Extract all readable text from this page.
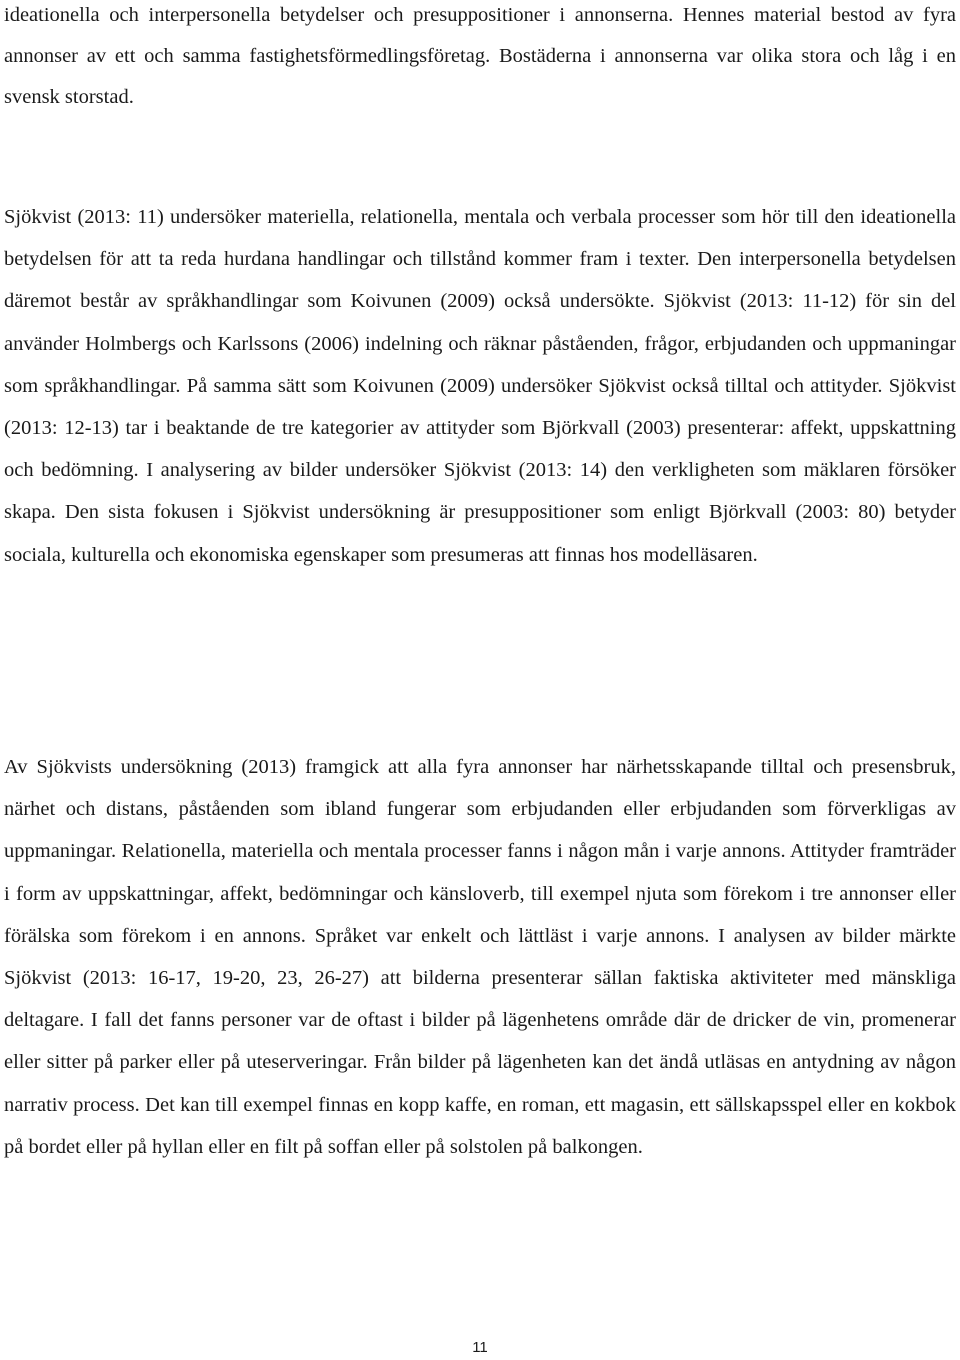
ideationella och interpersonella betydelser och presuppositioner i annonserna. Hennes material bestod av fyra annonser av ett och samma fastighetsförmedlingsföretag. Bostäderna i annonserna var olika stora och låg i en svensk storstad.

Sjökvist (2013: 11) undersöker materiella, relationella, mentala och verbala processer som hör till den ideationella betydelsen för att ta reda hurdana handlingar och tillstånd kommer fram i texter. Den interpersonella betydelsen däremot består av språkhandlingar som Koivunen (2009) också undersökte. Sjökvist (2013: 11-12) för sin del använder Holmbergs och Karlssons (2006) indelning och räknar påståenden, frågor, erbjudanden och uppmaningar som språkhandlingar. På samma sätt som Koivunen (2009) undersöker Sjökvist också tilltal och attityder. Sjökvist (2013: 12-13) tar i beaktande de tre kategorier av attityder som Björkvall (2003) presenterar: affekt, uppskattning och bedömning. I analysering av bilder undersöker Sjökvist (2013: 14) den verkligheten som mäklaren försöker skapa. Den sista fokusen i Sjökvist undersökning är presuppositioner som enligt Björkvall (2003: 80) betyder sociala, kulturella och ekonomiska egenskaper som presumeras att finnas hos modelläsaren.

Av Sjökvists undersökning (2013) framgick att alla fyra annonser har närhetsskapande tilltal och presensbruk, närhet och distans, påståenden som ibland fungerar som erbjudanden eller erbjudanden som förverkligas av uppmaningar. Relationella, materiella och mentala processer fanns i någon mån i varje annons. Attityder framträder i form av uppskattningar, affekt, bedömningar och känsloverb, till exempel njuta som förekom i tre annonser eller förälska som förekom i en annons. Språket var enkelt och lättläst i varje annons. I analysen av bilder märkte Sjökvist (2013: 16-17, 19-20, 23, 26-27) att bilderna presenterar sällan faktiska aktiviteter med mänskliga deltagare. I fall det fanns personer var de oftast i bilder på lägenhetens område där de dricker de vin, promenerar eller sitter på parker eller på uteserveringar. Från bilder på lägenheten kan det ändå utläsas en antydning av någon narrativ process. Det kan till exempel finnas en kopp kaffe, en roman, ett magasin, ett sällskapsspel eller en kokbok på bordet eller på hyllan eller en filt på soffan eller på solstolen på balkongen.

11
